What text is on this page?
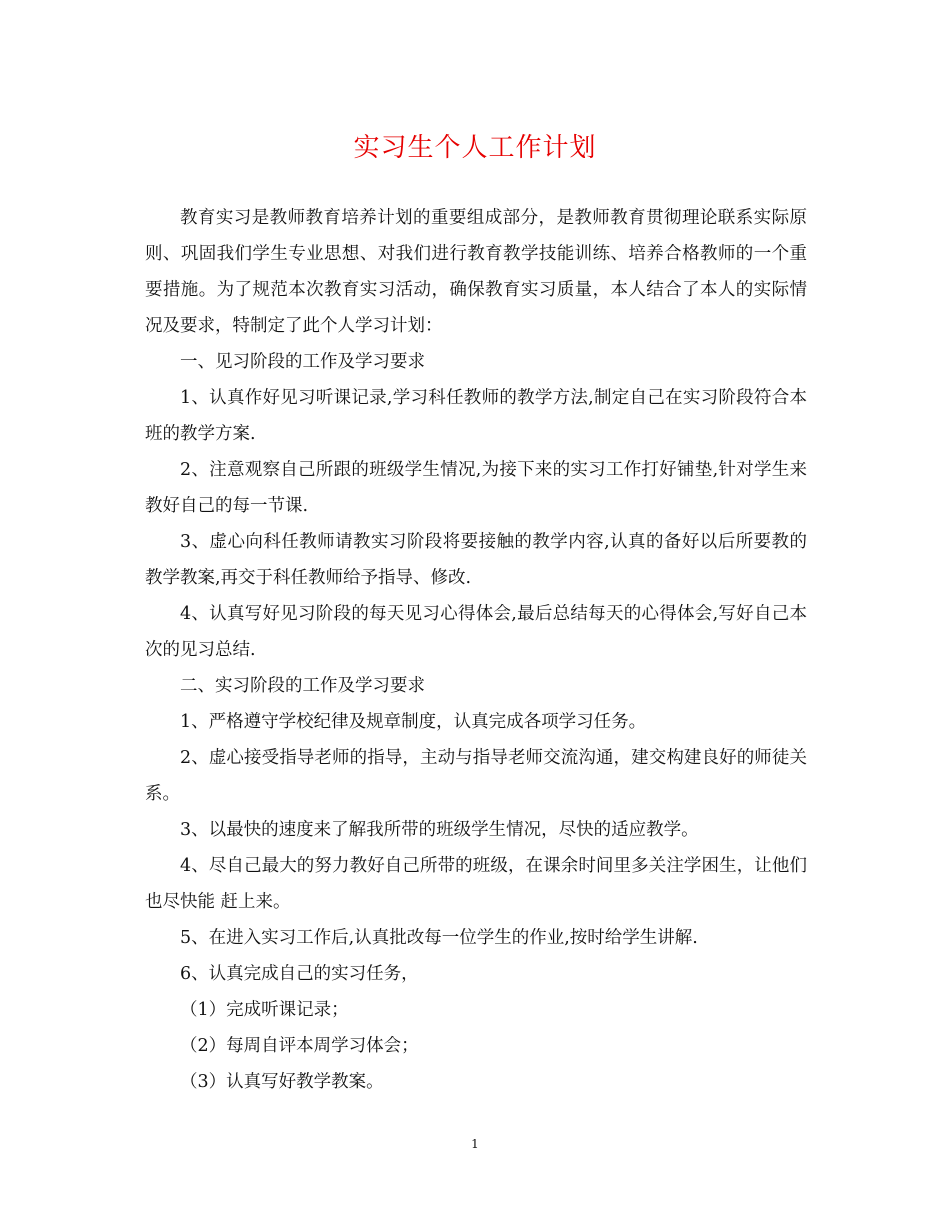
实习生个人工作计划

教育实习是教师教育培养计划的重要组成部分，是教师教育贯彻理论联系实际原则、巩固我们学生专业思想、对我们进行教育教学技能训练、培养合格教师的一个重要措施。为了规范本次教育实习活动，确保教育实习质量，本人结合了本人的实际情况及要求，特制定了此个人学习计划：

一、见习阶段的工作及学习要求

1、认真作好见习听课记录,学习科任教师的教学方法,制定自己在实习阶段符合本班的教学方案.

2、注意观察自己所跟的班级学生情况,为接下来的实习工作打好铺垫,针对学生来教好自己的每一节课.

3、虚心向科任教师请教实习阶段将要接触的教学内容,认真的备好以后所要教的教学教案,再交于科任教师给予指导、修改.

4、认真写好见习阶段的每天见习心得体会,最后总结每天的心得体会,写好自己本次的见习总结.

二、实习阶段的工作及学习要求

1、严格遵守学校纪律及规章制度，认真完成各项学习任务。

2、虚心接受指导老师的指导，主动与指导老师交流沟通，建交构建良好的师徒关系。

3、以最快的速度来了解我所带的班级学生情况，尽快的适应教学。

4、尽自己最大的努力教好自己所带的班级，在课余时间里多关注学困生，让他们也尽快能 赶上来。

5、在进入实习工作后,认真批改每一位学生的作业,按时给学生讲解.

6、认真完成自己的实习任务，

（1）完成听课记录；

（2）每周自评本周学习体会；

（3）认真写好教学教案。

1
